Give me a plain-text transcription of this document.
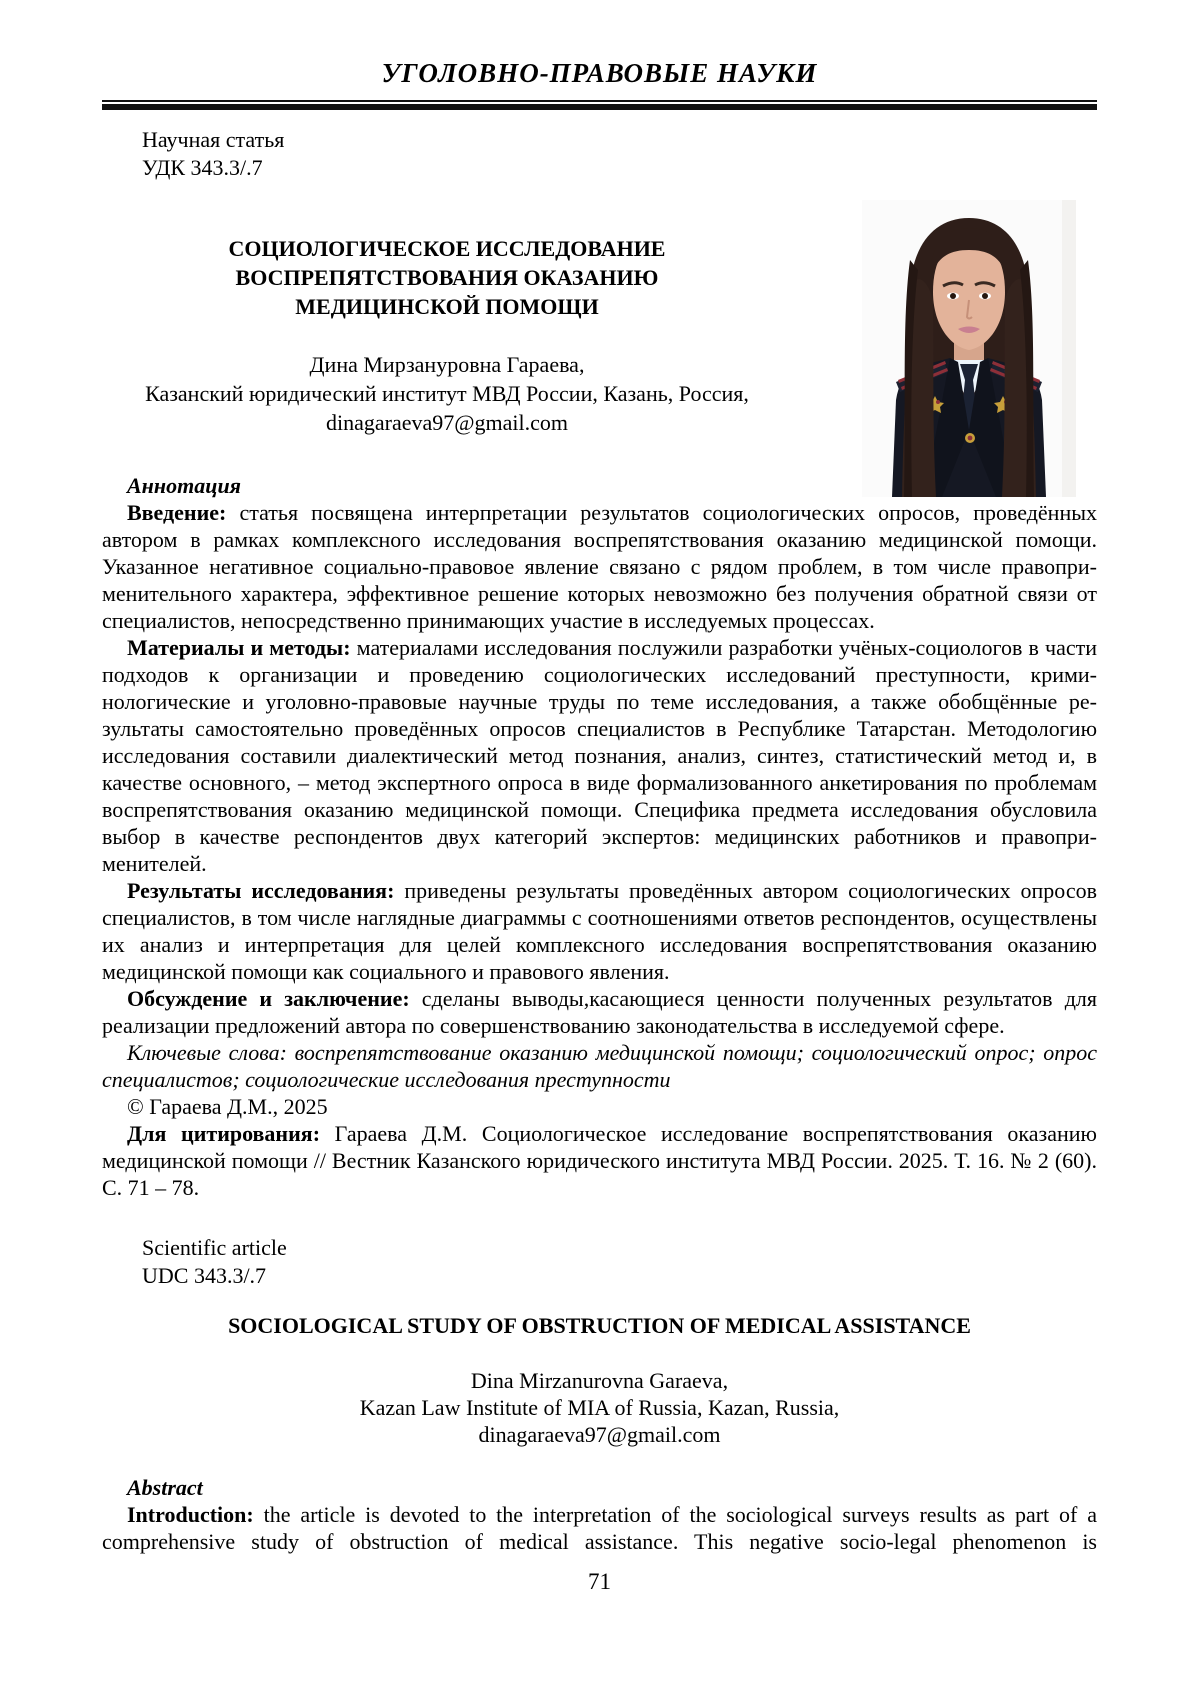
УГОЛОВНО-ПРАВОВЫЕ НАУКИ
Научная статья
УДК 343.3/.7
СОЦИОЛОГИЧЕСКОЕ ИССЛЕДОВАНИЕ
ВОСПРЕПЯТСТВОВАНИЯ ОКАЗАНИЮ
МЕДИЦИНСКОЙ ПОМОЩИ
Дина Мирзануровна Гараева,
Казанский юридический институт МВД России, Казань, Россия,
dinagaraeva97@gmail.com
Аннотация

Введение: статья посвящена интерпретации результатов социологических опросов, проведённых автором в рамках комплексного исследования воспрепятствования оказанию медицинской помощи. Указанное негативное социально-правовое явление связано с рядом проблем, в том числе правоприменительного характера, эффективное решение которых невозможно без получения обратной связи от специалистов, непосредственно принимающих участие в исследуемых процессах.

Материалы и методы: материалами исследования послужили разработки учёных-социологов в части подходов к организации и проведению социологических исследований преступности, криминологические и уголовно-правовые научные труды по теме исследования, а также обобщённые результаты самостоятельно проведённых опросов специалистов в Республике Татарстан. Методологию исследования составили диалектический метод познания, анализ, синтез, статистический метод и, в качестве основного, – метод экспертного опроса в виде формализованного анкетирования по проблемам воспрепятствования оказанию медицинской помощи. Специфика предмета исследования обусловила выбор в качестве респондентов двух категорий экспертов: медицинских работников и правоприменителей.

Результаты исследования: приведены результаты проведённых автором социологических опросов специалистов, в том числе наглядные диаграммы с соотношениями ответов респондентов, осуществлены их анализ и интерпретация для целей комплексного исследования воспрепятствования оказанию медицинской помощи как социального и правового явления.

Обсуждение и заключение: сделаны выводы,касающиеся ценности полученных результатов для реализации предложений автора по совершенствованию законодательства в исследуемой сфере.

Ключевые слова: воспрепятствование оказанию медицинской помощи; социологический опрос; опрос специалистов; социологические исследования преступности

© Гараева Д.М., 2025

Для цитирования: Гараева Д.М. Социологическое исследование воспрепятствования оказанию медицинской помощи // Вестник Казанского юридического института МВД России. 2025. Т. 16. № 2 (60). С. 71 – 78.

Scientific article
UDC 343.3/.7
SOCIOLOGICAL STUDY OF OBSTRUCTION OF MEDICAL ASSISTANCE
Dina Mirzanurovna Garaeva,
Kazan Law Institute of MIA of Russia, Kazan, Russia,
dinagaraeva97@gmail.com
Abstract

Introduction: the article is devoted to the interpretation of the sociological surveys results as part of a comprehensive study of obstruction of medical assistance. This negative socio-legal phenomenon is

71
